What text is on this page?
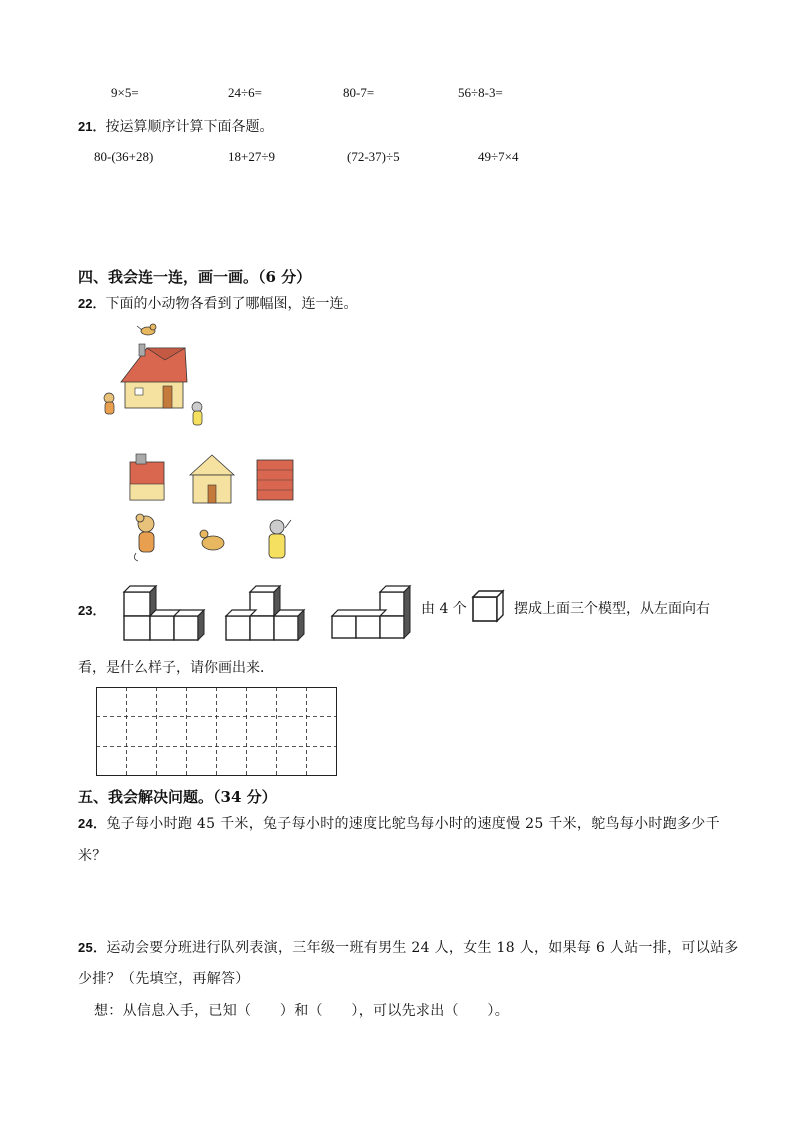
9×5=	24÷6=	80-7=	56÷8-3=
21．按运算顺序计算下面各题。
80-(36+28)	18+27÷9	(72-37)÷5	49÷7×4
四、我会连一连，画一画。（6 分）
22．下面的小动物各看到了哪幅图，连一连。
23．	由 4 个	摆成上面三个模型，从左面向右
看，是什么样子，请你画出来．
五、我会解决问题。（34 分）
24．兔子每小时跑 45 千米，兔子每小时的速度比鸵鸟每小时的速度慢 25 千米，鸵鸟每小时跑多少千
米？
25．运动会要分班进行队列表演，三年级一班有男生 24 人，女生 18 人，如果每 6 人站一排，可以站多
少排？（先填空，再解答）
想：从信息入手，已知（　　）和（　　），可以先求出（　　）。
